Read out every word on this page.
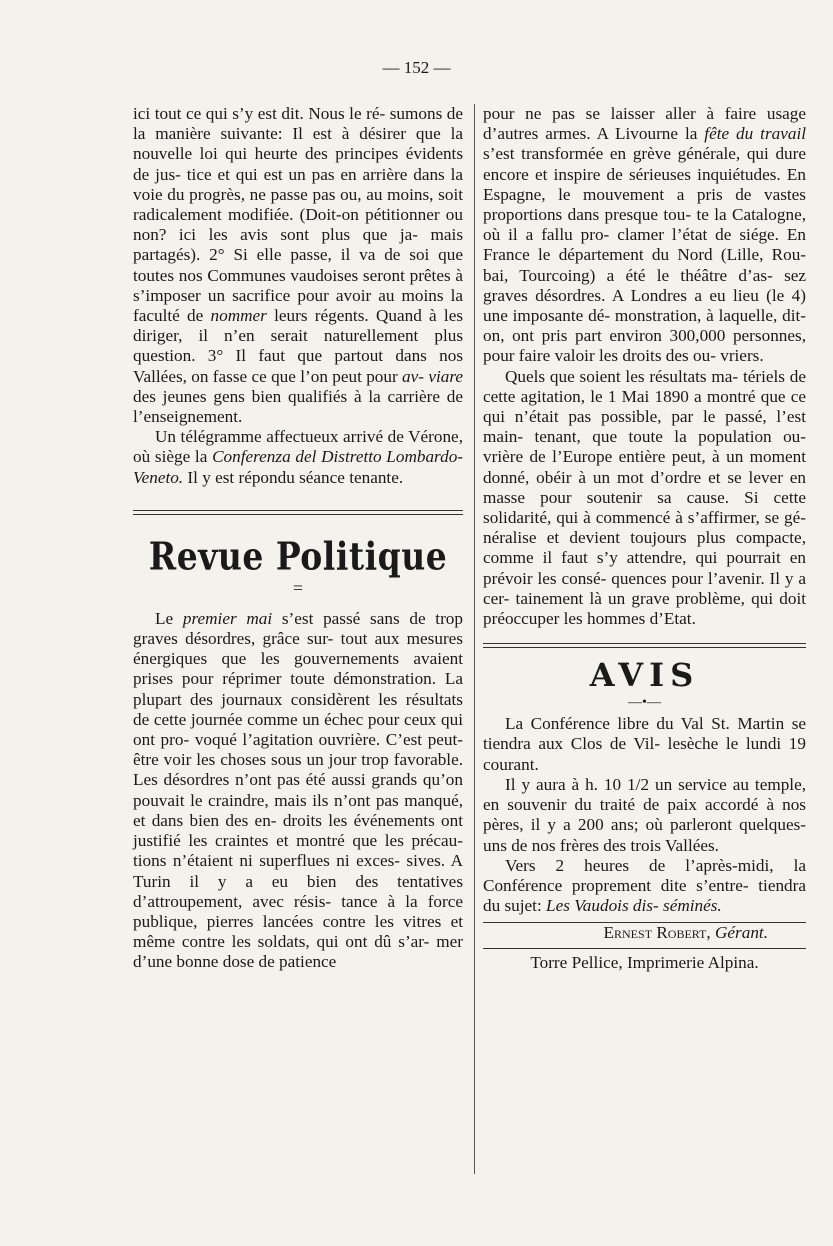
— 152 —

ici tout ce qui s’y est dit. Nous le ré- sumons de la manière suivante: Il est à désirer que la nouvelle loi qui heurte des principes évidents de jus- tice et qui est un pas en arrière dans la voie du progrès, ne passe pas ou, au moins, soit radicalement modifiée. (Doit-on pétitionner ou non? ici les avis sont plus que ja- mais partagés). 2° Si elle passe, il va de soi que toutes nos Communes vaudoises seront prêtes à s’imposer un sacrifice pour avoir au moins la faculté de nommer leurs régents. Quand à les diriger, il n’en serait naturellement plus question. 3° Il faut que partout dans nos Vallées, on fasse ce que l’on peut pour av- viare des jeunes gens bien qualifiés à la carrière de l’enseignement.

Un télégramme affectueux arrivé de Vérone, où siège la Conferenza del Distretto Lombardo-Veneto. Il y est répondu séance tenante.

Revue Politique
=

Le premier mai s’est passé sans de trop graves désordres, grâce sur- tout aux mesures énergiques que les gouvernements avaient prises pour réprimer toute démonstration. La plupart des journaux considèrent les résultats de cette journée comme un échec pour ceux qui ont pro- voqué l’agitation ouvrière. C’est peut-être voir les choses sous un jour trop favorable. Les désordres n’ont pas été aussi grands qu’on pouvait le craindre, mais ils n’ont pas manqué, et dans bien des en- droits les événements ont justifié les craintes et montré que les précau- tions n’étaient ni superflues ni exces- sives. A Turin il y a eu bien des tentatives d’attroupement, avec résis- tance à la force publique, pierres lancées contre les vitres et même contre les soldats, qui ont dû s’ar- mer d’une bonne dose de patience

pour ne pas se laisser aller à faire usage d’autres armes. A Livourne la fête du travail s’est transformée en grève générale, qui dure encore et inspire de sérieuses inquiétudes. En Espagne, le mouvement a pris de vastes proportions dans presque tou- te la Catalogne, où il a fallu pro- clamer l’état de siége. En France le département du Nord (Lille, Rou- bai, Tourcoing) a été le théâtre d’as- sez graves désordres. A Londres a eu lieu (le 4) une imposante dé- monstration, à laquelle, dit-on, ont pris part environ 300,000 personnes, pour faire valoir les droits des ou- vriers.

Quels que soient les résultats ma- tériels de cette agitation, le 1 Mai 1890 a montré que ce qui n’était pas possible, par le passé, l’est main- tenant, que toute la population ou- vrière de l’Europe entière peut, à un moment donné, obéir à un mot d’ordre et se lever en masse pour soutenir sa cause. Si cette solidarité, qui à commencé à s’affirmer, se gé- néralise et devient toujours plus compacte, comme il faut s’y attendre, qui pourrait en prévoir les consé- quences pour l’avenir. Il y a cer- tainement là un grave problème, qui doit préoccuper les hommes d’Etat.

AVIS
—•—

La Conférence libre du Val St. Martin se tiendra aux Clos de Vil- lesèche le lundi 19 courant.

Il y aura à h. 10 1/2 un service au temple, en souvenir du traité de paix accordé à nos pères, il y a 200 ans; où parleront quelques-uns de nos frères des trois Vallées.

Vers 2 heures de l’après-midi, la Conférence proprement dite s’entre- tiendra du sujet: Les Vaudois dis- séminés.

Ernest Robert, Gérant.

Torre Pellice, Imprimerie Alpina.
